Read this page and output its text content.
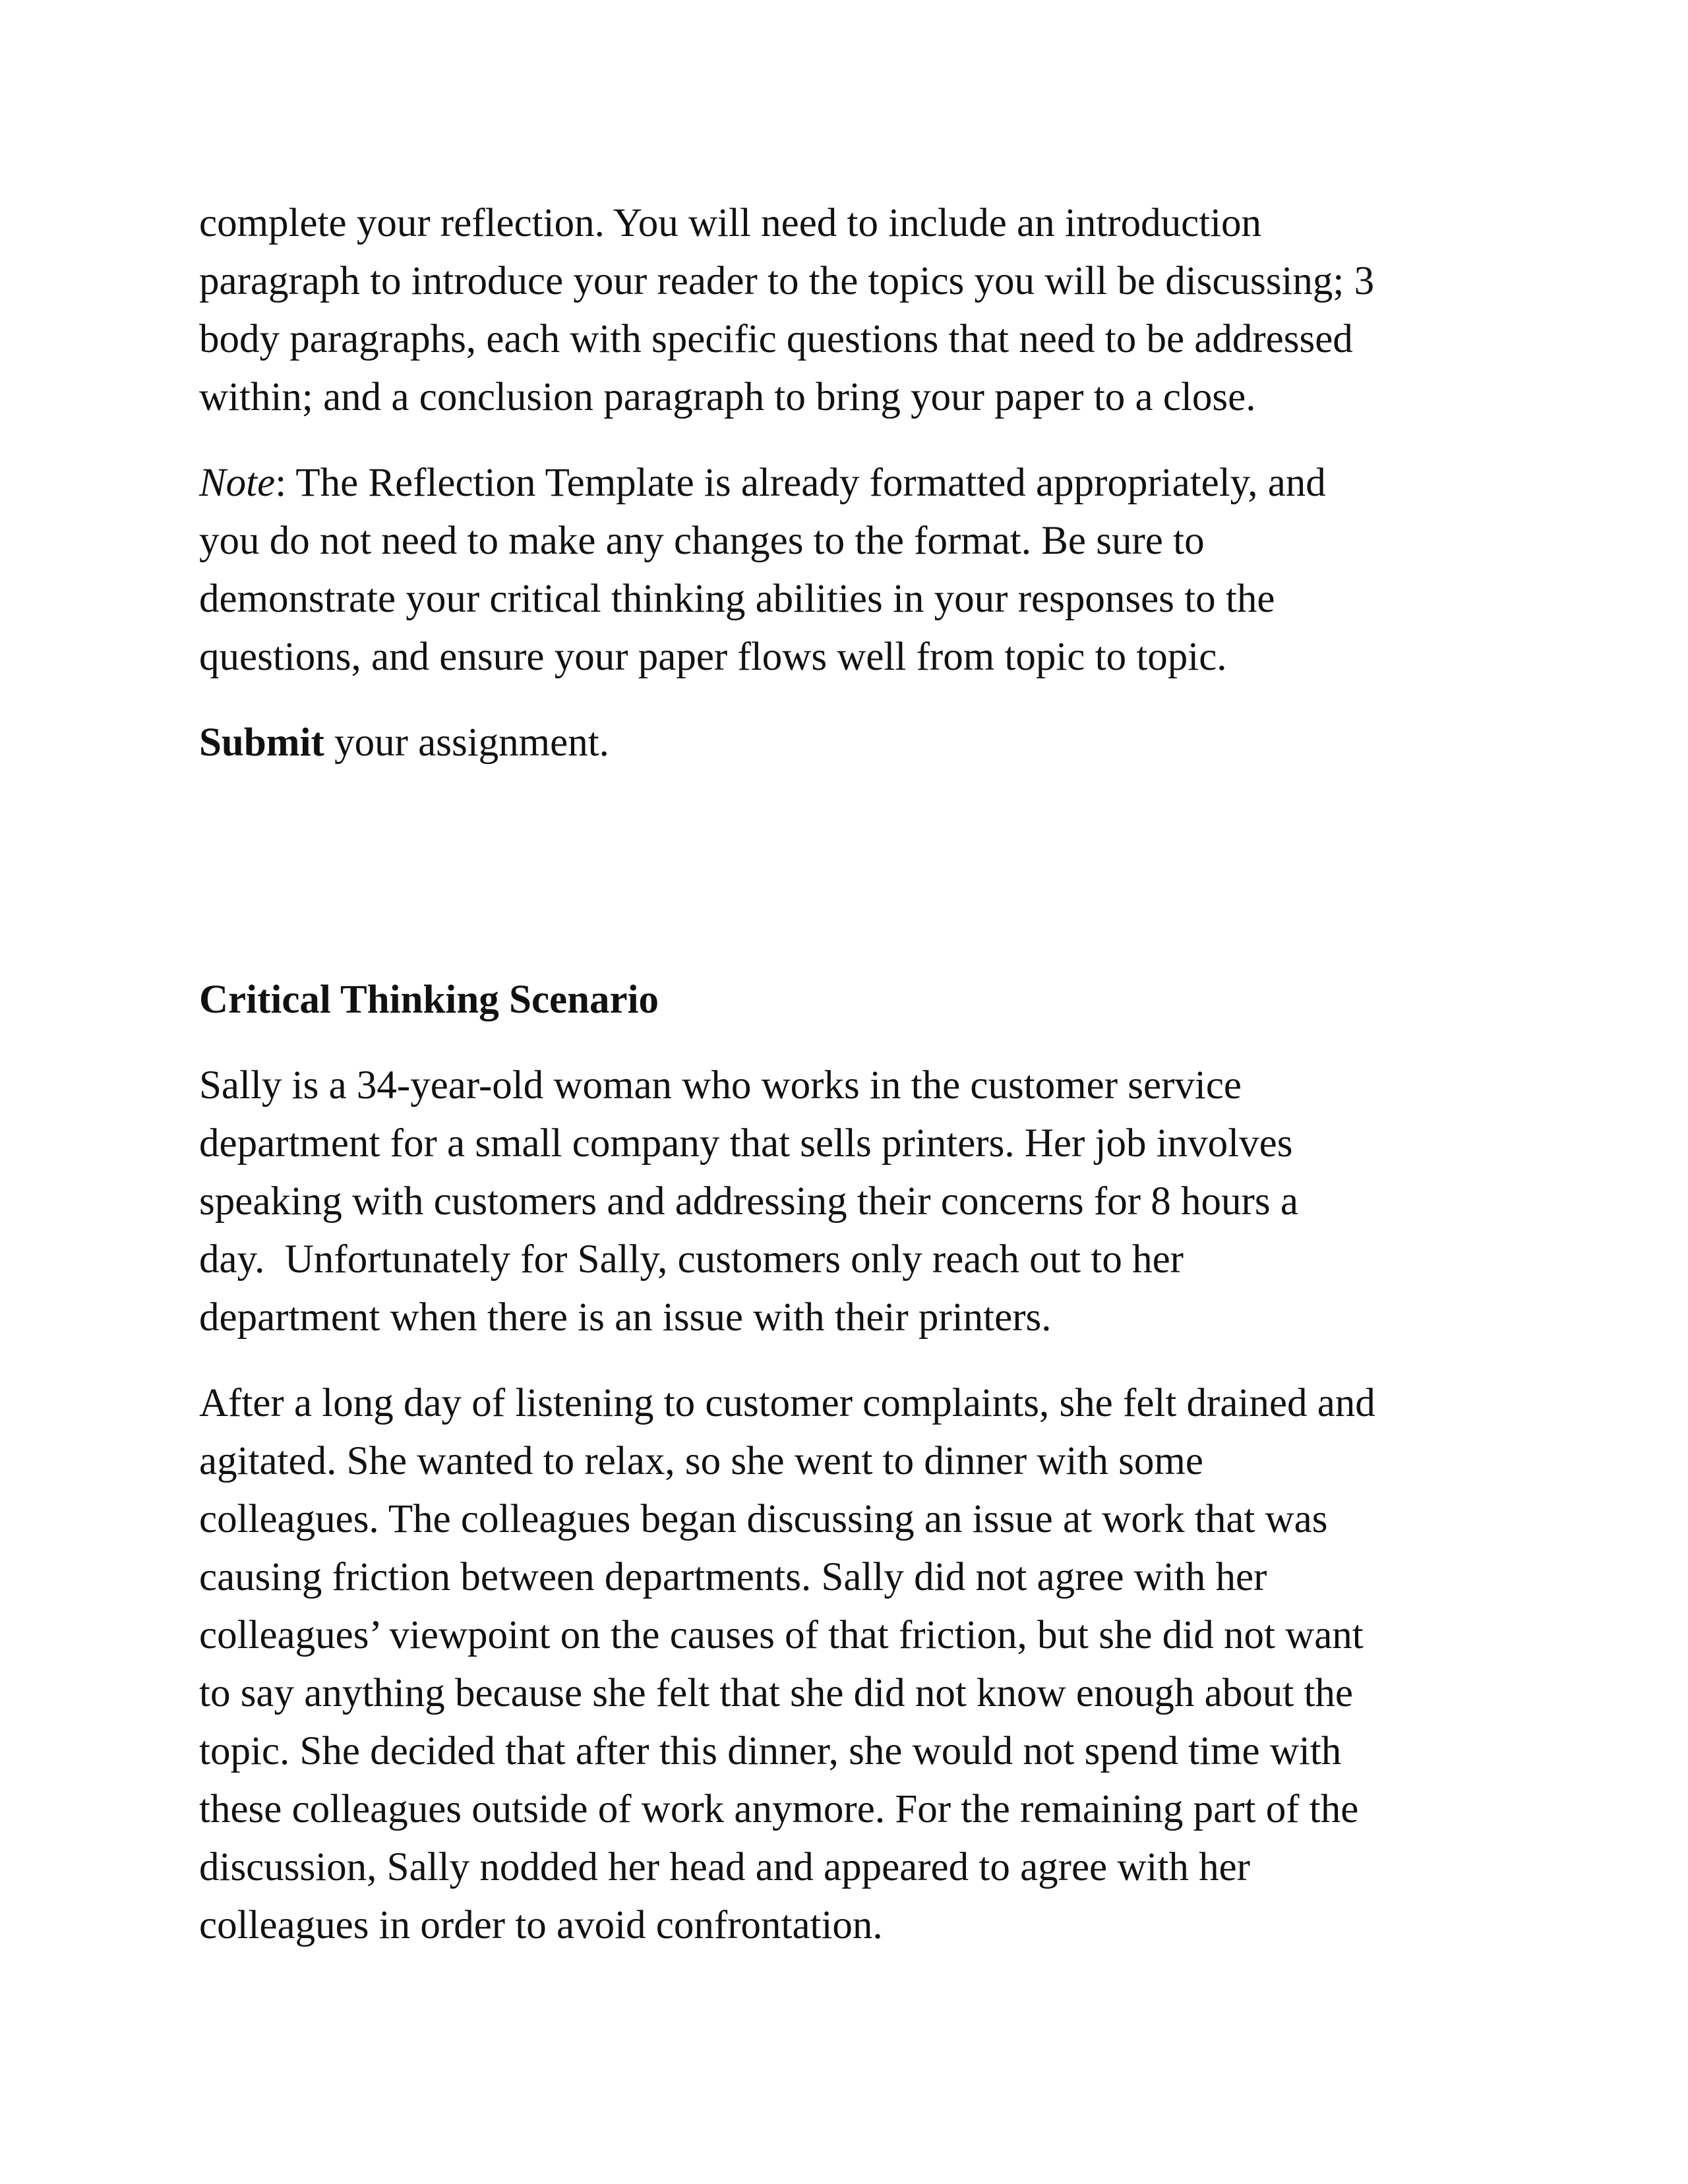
complete your reflection. You will need to include an introduction
paragraph to introduce your reader to the topics you will be discussing; 3
body paragraphs, each with specific questions that need to be addressed
within; and a conclusion paragraph to bring your paper to a close.

Note: The Reflection Template is already formatted appropriately, and
you do not need to make any changes to the format. Be sure to
demonstrate your critical thinking abilities in your responses to the
questions, and ensure your paper flows well from topic to topic.

Submit your assignment.

Critical Thinking Scenario

Sally is a 34-year-old woman who works in the customer service
department for a small company that sells printers. Her job involves
speaking with customers and addressing their concerns for 8 hours a
day.  Unfortunately for Sally, customers only reach out to her
department when there is an issue with their printers.

After a long day of listening to customer complaints, she felt drained and
agitated. She wanted to relax, so she went to dinner with some
colleagues. The colleagues began discussing an issue at work that was
causing friction between departments. Sally did not agree with her
colleagues’ viewpoint on the causes of that friction, but she did not want
to say anything because she felt that she did not know enough about the
topic. She decided that after this dinner, she would not spend time with
these colleagues outside of work anymore. For the remaining part of the
discussion, Sally nodded her head and appeared to agree with her
colleagues in order to avoid confrontation.
